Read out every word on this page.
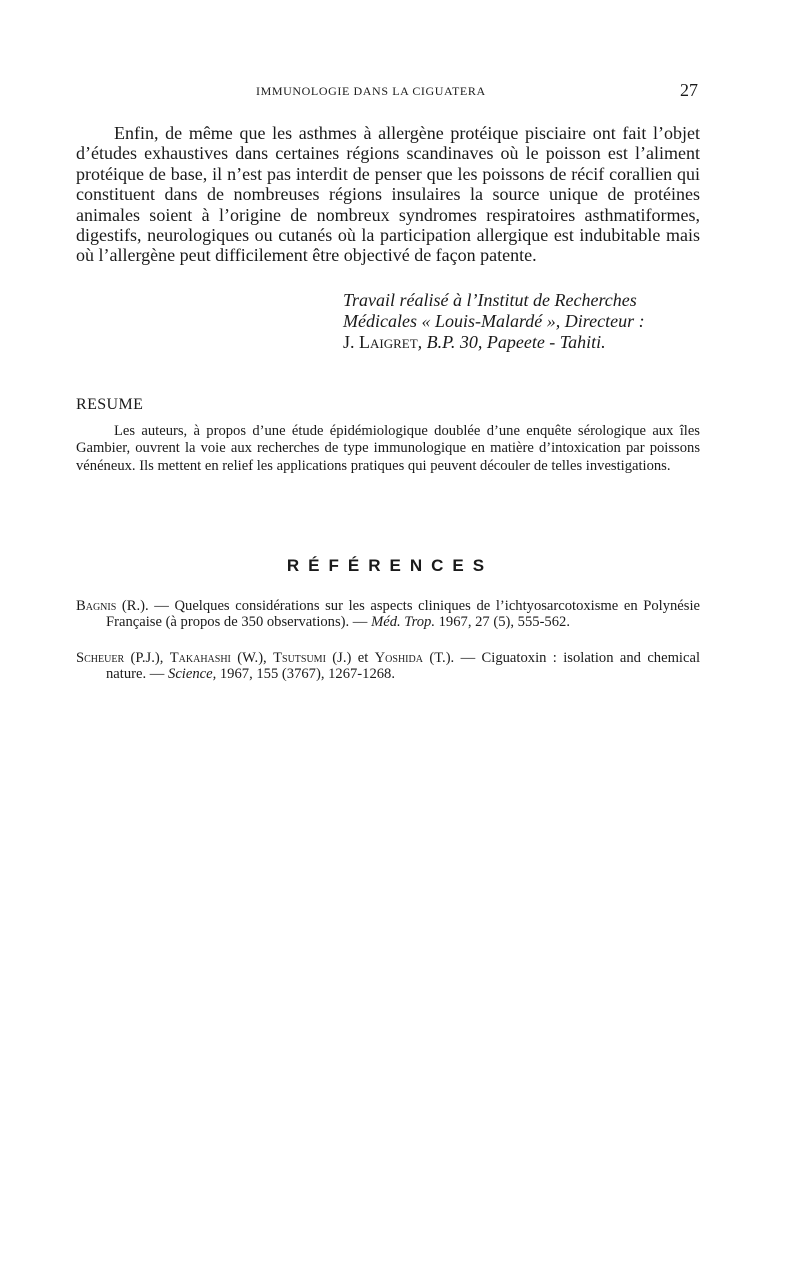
IMMUNOLOGIE DANS LA CIGUATERA	27

Enfin, de même que les asthmes à allergène protéique pisciaire ont fait l’objet d’études exhaustives dans certaines régions scandinaves où le poisson est l’aliment protéique de base, il n’est pas interdit de penser que les poissons de récif corallien qui constituent dans de nombreuses régions insulaires la source unique de protéines animales soient à l’origine de nombreux syndromes respiratoires asthmatiformes, digestifs, neurologiques ou cutanés où la participation allergique est indubitable mais où l’allergène peut difficilement être objectivé de façon patente.

Travail réalisé à l’Institut de Recherches
Médicales « Louis-Malardé », Directeur :
J. Laigret, B.P. 30, Papeete - Tahiti.
RESUME

Les auteurs, à propos d’une étude épidémiologique doublée d’une enquête sérologique aux îles Gambier, ouvrent la voie aux recherches de type immunologique en matière d’intoxication par poissons vénéneux. Ils mettent en relief les applications pratiques qui peuvent découler de telles investigations.

RÉFÉRENCES

Bagnis (R.). — Quelques considérations sur les aspects cliniques de l’ichtyosarcotoxisme en Polynésie Française (à propos de 350 observations). — Méd. Trop. 1967, 27 (5), 555-562.

Scheuer (P.J.), Takahashi (W.), Tsutsumi (J.) et Yoshida (T.). — Ciguatoxin : isolation and chemical nature. — Science, 1967, 155 (3767), 1267-1268.
